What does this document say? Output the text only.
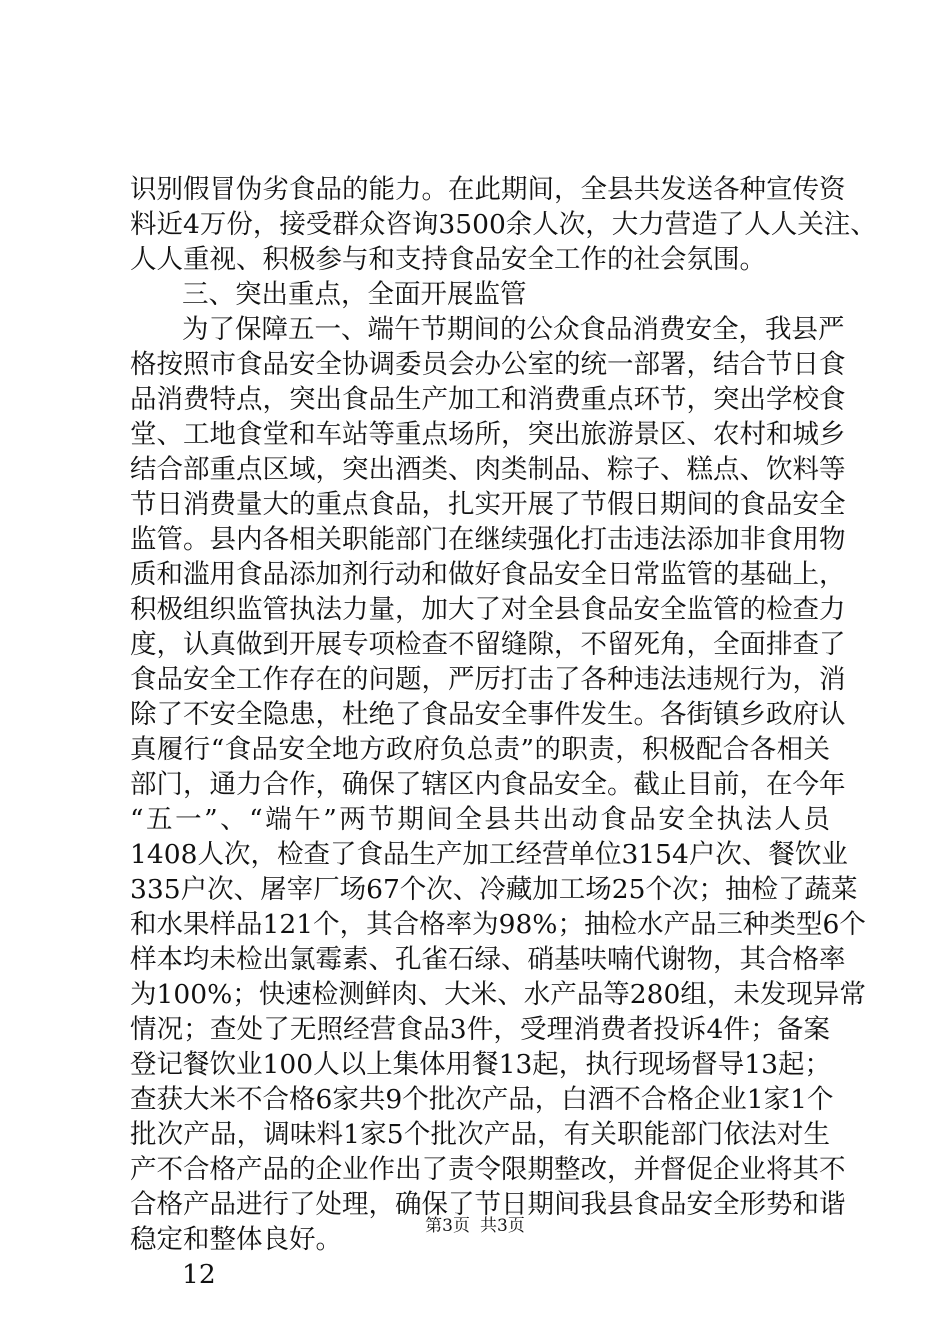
识别假冒伪劣食品的能力。在此期间，全县共发送各种宣传资
料近4万份，接受群众咨询3500余人次，大力营造了人人关注、
人人重视、积极参与和支持食品安全工作的社会氛围。
三、突出重点，全面开展监管
为了保障五一、端午节期间的公众食品消费安全，我县严
格按照市食品安全协调委员会办公室的统一部署，结合节日食
品消费特点，突出食品生产加工和消费重点环节，突出学校食
堂、工地食堂和车站等重点场所，突出旅游景区、农村和城乡
结合部重点区域，突出酒类、肉类制品、粽子、糕点、饮料等
节日消费量大的重点食品，扎实开展了节假日期间的食品安全
监管。县内各相关职能部门在继续强化打击违法添加非食用物
质和滥用食品添加剂行动和做好食品安全日常监管的基础上，
积极组织监管执法力量，加大了对全县食品安全监管的检查力
度，认真做到开展专项检查不留缝隙，不留死角，全面排查了
食品安全工作存在的问题，严厉打击了各种违法违规行为，消
除了不安全隐患，杜绝了食品安全事件发生。各街镇乡政府认
真履行“食品安全地方政府负总责”的职责，积极配合各相关
部门，通力合作，确保了辖区内食品安全。截止目前，在今年
“五一”、“端午”两节期间全县共出动食品安全执法人员
1408人次，检查了食品生产加工经营单位3154户次、餐饮业
335户次、屠宰厂场67个次、冷藏加工场25个次；抽检了蔬菜
和水果样品121个，其合格率为98%；抽检水产品三种类型6个
样本均未检出氯霉素、孔雀石绿、硝基呋喃代谢物，其合格率
为100%；快速检测鲜肉、大米、水产品等280组，未发现异常
情况；查处了无照经营食品3件，受理消费者投诉4件；备案
登记餐饮业100人以上集体用餐13起，执行现场督导13起；
查获大米不合格6家共9个批次产品，白酒不合格企业1家1个
批次产品，调味料1家5个批次产品，有关职能部门依法对生
产不合格产品的企业作出了责令限期整改，并督促企业将其不
合格产品进行了处理，确保了节日期间我县食品安全形势和谐
稳定和整体良好。
12
第3页 共3页
